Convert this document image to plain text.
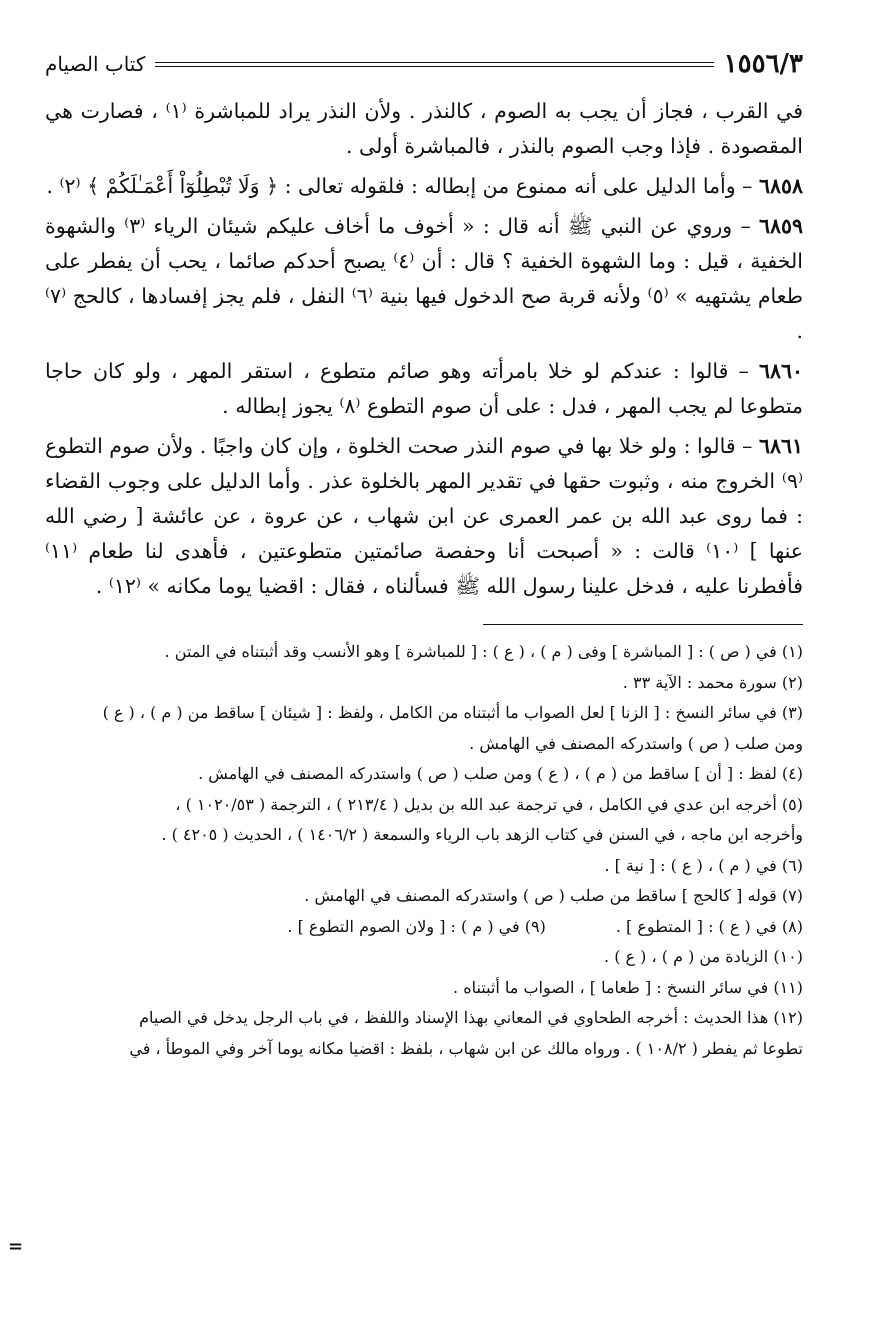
١٥٥٦/٣
كتاب الصيام

في القرب ، فجاز أن يجب به الصوم ، كالنذر . ولأن النذر يراد للمباشرة ⁽١⁾ ، فصارت هي المقصودة . فإذا وجب الصوم بالنذر ، فالمباشرة أولى .

٦٨٥٨ – وأما الدليل على أنه ممنوع من إبطاله : فلقوله تعالى : ﴿ وَلَا تُبْطِلُوٓاْ أَعْمَـٰلَكُمْ ﴾ ⁽٢⁾ .

٦٨٥٩ – وروي عن النبي ﷺ أنه قال : « أخوف ما أخاف عليكم شيئان الرياء ⁽٣⁾ والشهوة الخفية ، قيل : وما الشهوة الخفية ؟ قال : أن ⁽٤⁾ يصبح أحدكم صائما ، يحب أن يفطر على طعام يشتهيه » ⁽٥⁾ ولأنه قربة صح الدخول فيها بنية ⁽٦⁾ النفل ، فلم يجز إفسادها ، كالحج ⁽٧⁾ .

٦٨٦٠ – قالوا : عندكم لو خلا بامرأته وهو صائم متطوع ، استقر المهر ، ولو كان حاجا متطوعا لم يجب المهر ، فدل : على أن صوم التطوع ⁽٨⁾ يجوز إبطاله .

٦٨٦١ – قالوا : ولو خلا بها في صوم النذر صحت الخلوة ، وإن كان واجبًا . ولأن صوم التطوع ⁽٩⁾ الخروج منه ، وثبوت حقها في تقدير المهر بالخلوة عذر . وأما الدليل على وجوب القضاء : فما روى عبد الله بن عمر العمرى عن ابن شهاب ، عن عروة ، عن عائشة [ رضي الله عنها ] ⁽١٠⁾ قالت : « أصبحت أنا وحفصة صائمتين متطوعتين ، فأهدى لنا طعام ⁽١١⁾ فأفطرنا عليه ، فدخل علينا رسول الله ﷺ فسألناه ، فقال : اقضيا يوما مكانه » ⁽١٢⁾ .

(١) في ( ص ) : [ المباشرة ] وفى ( م ) ، ( ع ) : [ للمباشرة ] وهو الأنسب وقد أثبتناه في المتن .

(٢) سورة محمد : الآية ٣٣ .

(٣) في سائر النسخ : [ الزنا ] لعل الصواب ما أثبتناه من الكامل ، ولفظ : [ شيئان ] ساقط من ( م ) ، ( ع )

ومن صلب ( ص ) واستدركه المصنف في الهامش .

(٤) لفظ : [ أن ] ساقط من ( م ) ، ( ع ) ومن صلب ( ص ) واستدركه المصنف في الهامش .

(٥) أخرجه ابن عدي في الكامل ، في ترجمة عبد الله بن بديل ( ٢١٣/٤ ) ، الترجمة ( ١٠٢٠/٥٣ ) ،

وأخرجه ابن ماجه ، في السنن في كتاب الزهد باب الرياء والسمعة ( ١٤٠٦/٢ ) ، الحديث ( ٤٢٠٥ ) .

(٦) في ( م ) ، ( ع ) : [ نية ] .

(٧) قوله [ كالحج ] ساقط من صلب ( ص ) واستدركه المصنف في الهامش .

(٨) في ( ع ) : [ المتطوع ] .
(٩) في ( م ) : [ ولان الصوم التطوع ] .

(١٠) الزيادة من ( م ) ، ( ع ) .

(١١) في سائر النسخ : [ طعاما ] ، الصواب ما أثبتناه .

(١٢) هذا الحديث : أخرجه الطحاوي في المعاني بهذا الإسناد واللفظ ، في باب الرجل يدخل في الصيام

تطوعا ثم يفطر ( ١٠٨/٢ ) . ورواه مالك عن ابن شهاب ، بلفظ : اقضيا مكانه يوما آخر وفي الموطأ ، في

=
